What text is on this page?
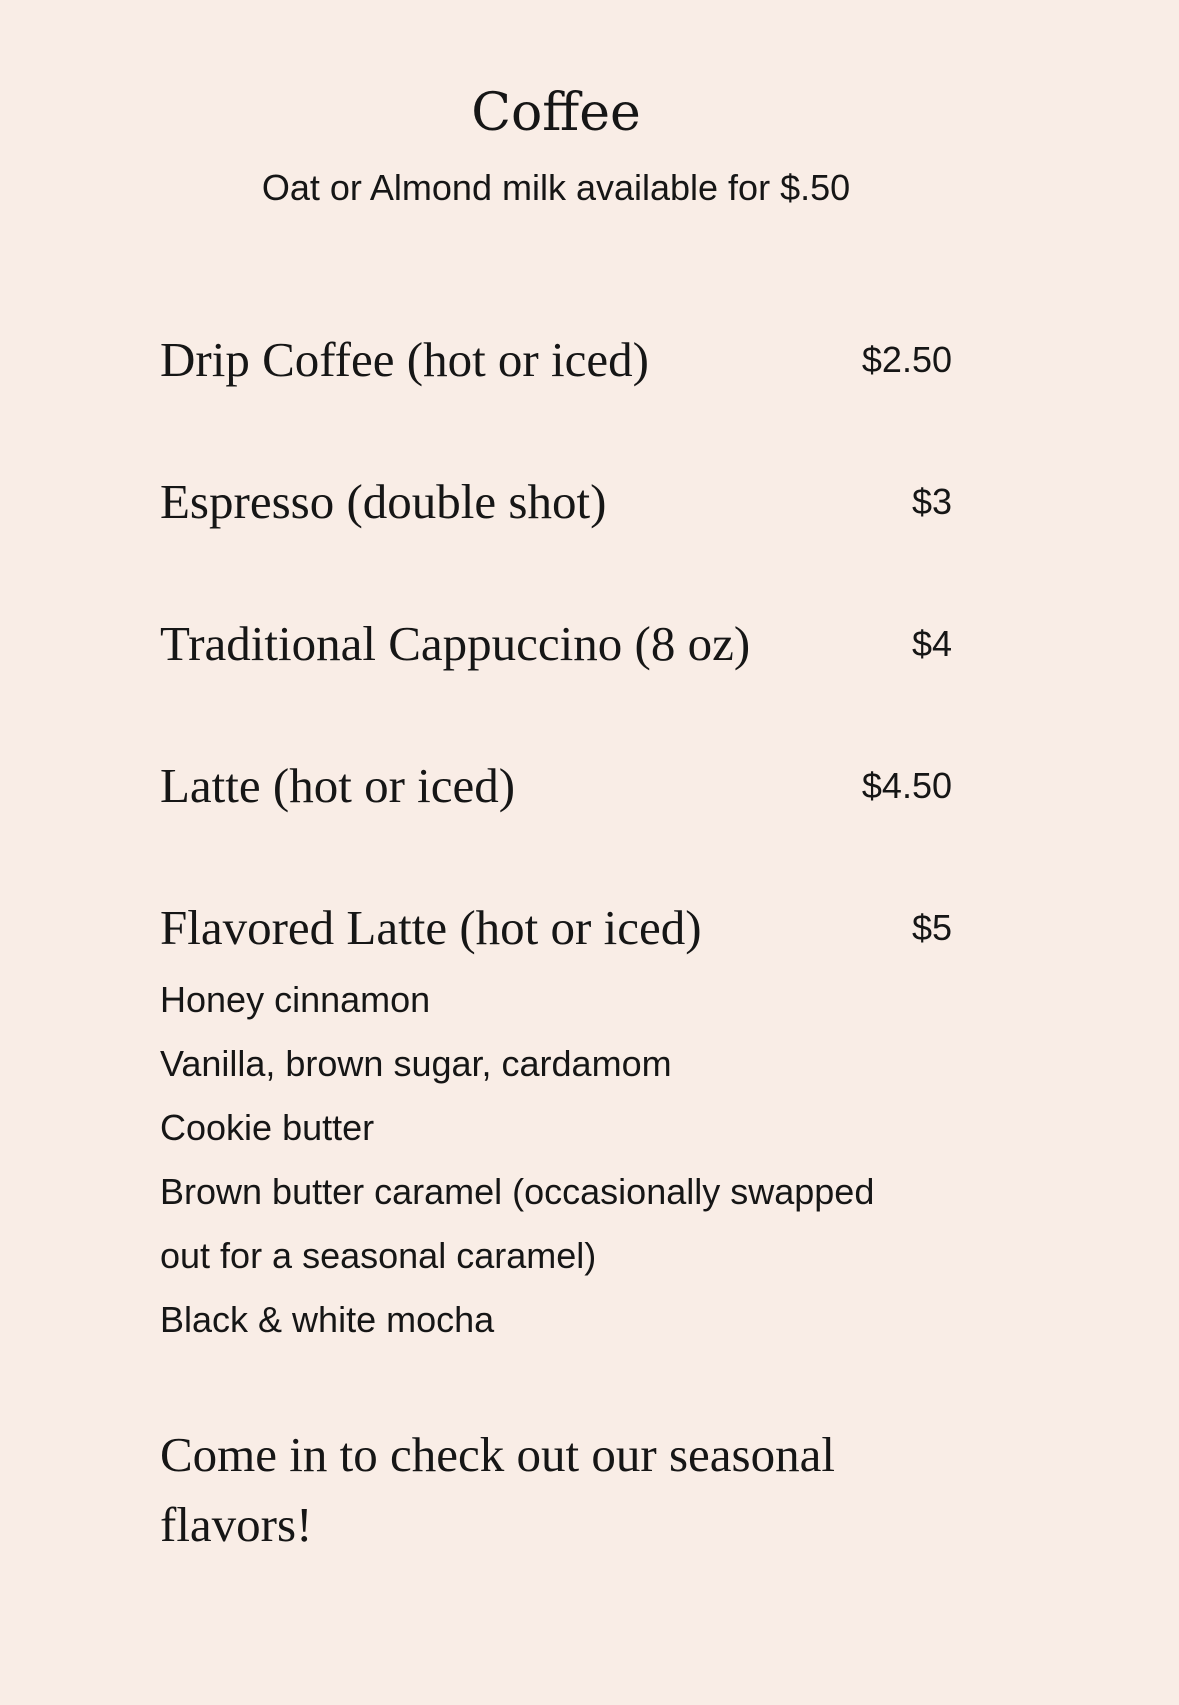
Coffee

Oat or Almond milk available for $.50

Drip Coffee (hot or iced)	$2.50
Espresso (double shot)	$3
Traditional Cappuccino (8 oz)	$4
Latte (hot or iced)	$4.50
Flavored Latte (hot or iced)	$5
Honey cinnamon
Vanilla, brown sugar, cardamom
Cookie butter
Brown butter caramel (occasionally swapped out for a seasonal caramel)
Black & white mocha

Come in to check out our seasonal flavors!
